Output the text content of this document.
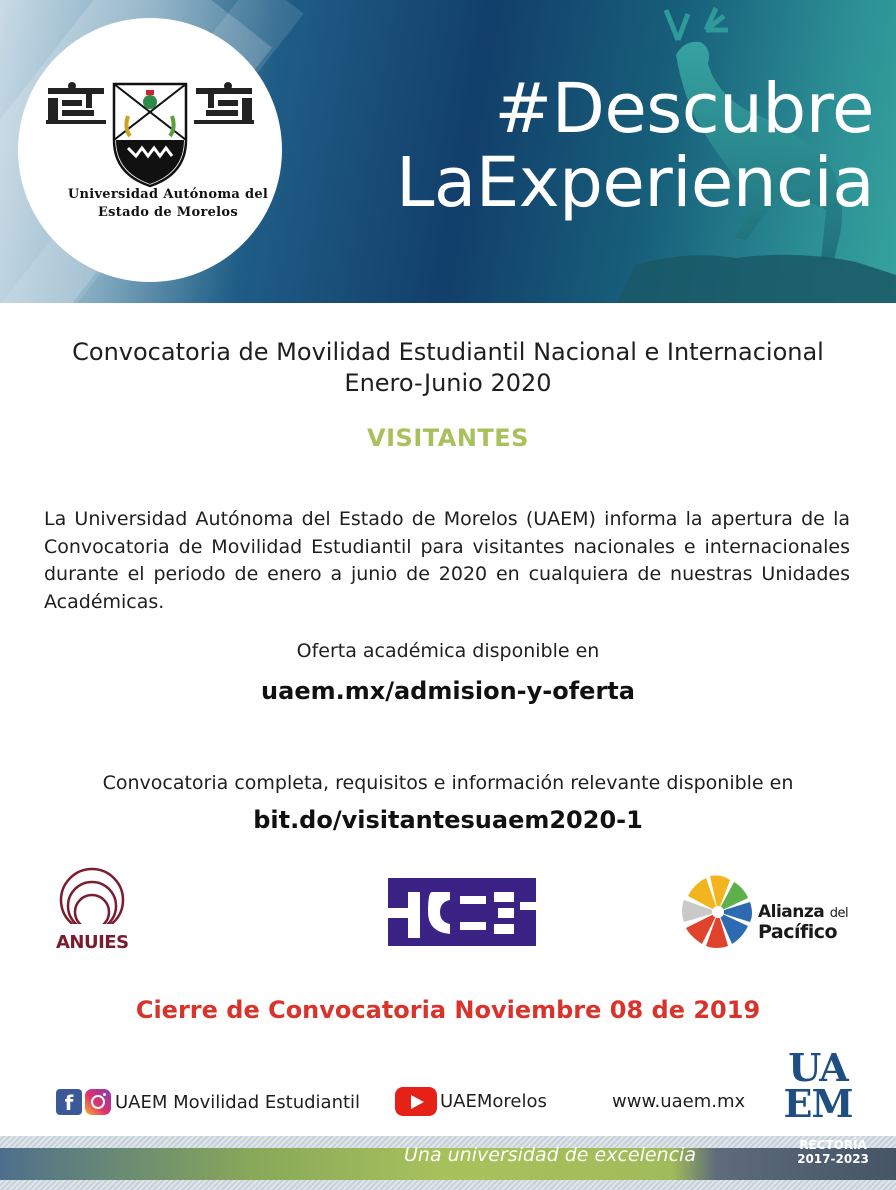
#Descubre
LaExperiencia
Universidad Autónoma del
Estado de Morelos
Convocatoria de Movilidad Estudiantil Nacional e Internacional
Enero-Junio 2020
VISITANTES
La Universidad Autónoma del Estado de Morelos (UAEM) informa la apertura de la Convocatoria de Movilidad Estudiantil para visitantes nacionales e internacionales durante el periodo de enero a junio de 2020 en cualquiera de nuestras Unidades Académicas.
Oferta académica disponible en
uaem.mx/admision-y-oferta
Convocatoria completa, requisitos e información relevante disponible en
bit.do/visitantesuaem2020-1
ANUIES
Alianza del
Pacífico
Cierre de Convocatoria Noviembre 08 de 2019
f	UAEM Movilidad Estudiantil	UAEMorelos	www.uaem.mx
UA
EM
Una universidad de excelencia	RECTORÍA
2017-2023
